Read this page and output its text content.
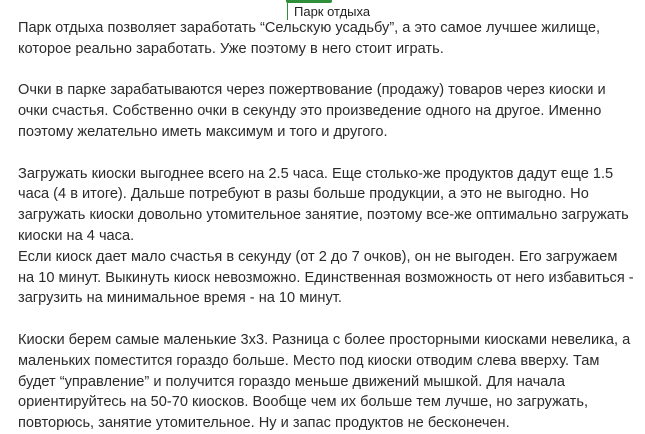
Парк отдыха

Парк отдыха позволяет заработать “Сельскую усадьбу”, а это самое лучшее жилище,
которое реально заработать. Уже поэтому в него стоит играть.

Очки в парке зарабатываются через пожертвование (продажу) товаров через киоски и
очки счастья. Собственно очки в секунду это произведение одного на другое. Именно
поэтому желательно иметь максимум и того и другого.

Загружать киоски выгоднее всего на 2.5 часа. Еще столько-же продуктов дадут еще 1.5
часа (4 в итоге). Дальше потребуют в разы больше продукции, а это не выгодно. Но
загружать киоски довольно утомительное занятие, поэтому все-же оптимально загружать
киоски на 4 часа.
Если киоск дает мало счастья в секунду (от 2 до 7 очков), он не выгоден. Его загружаем
на 10 минут. Выкинуть киоск невозможно. Единственная возможность от него избавиться -
загрузить на минимальное время - на 10 минут.

Киоски берем самые маленькие 3x3. Разница с более просторными киосками невелика, а
маленьких поместится гораздо больше. Место под киоски отводим слева вверху. Там
будет “управление” и получится гораздо меньше движений мышкой. Для начала
ориентируйтесь на 50-70 киосков. Вообще чем их больше тем лучше, но загружать,
повторюсь, занятие утомительное. Ну и запас продуктов не бесконечен.
